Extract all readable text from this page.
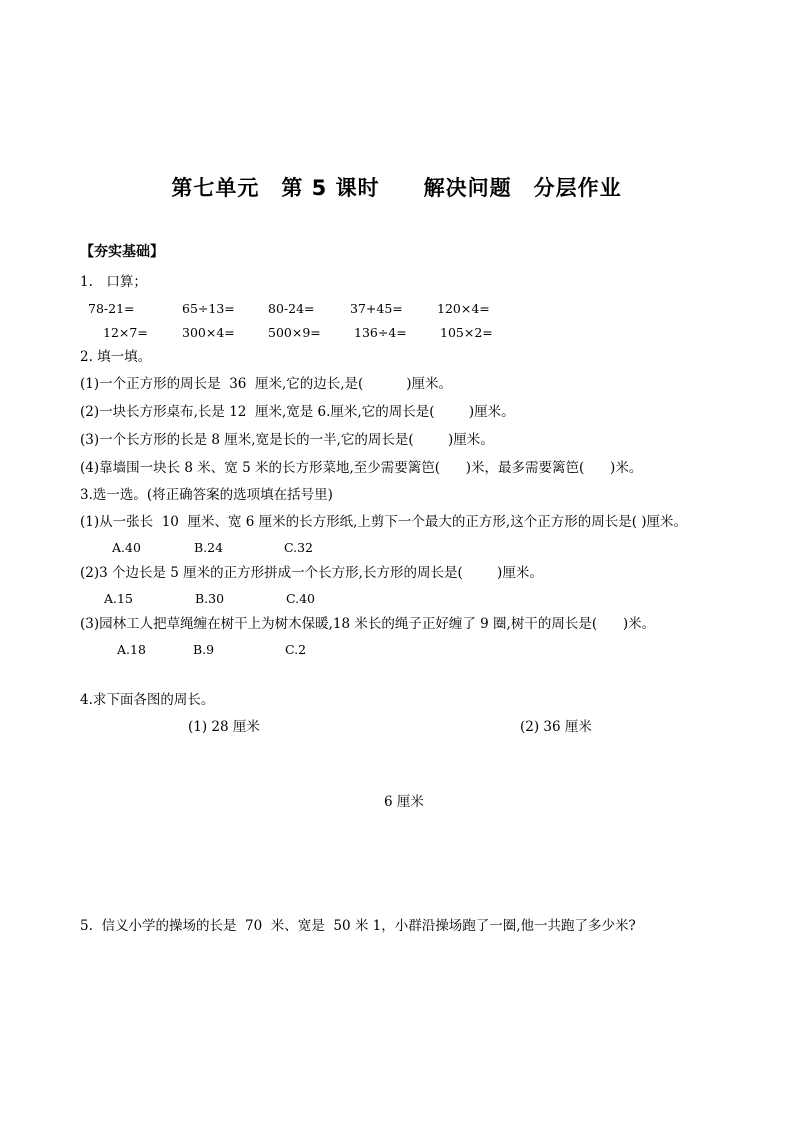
第七单元　第 5 课时　　解决问题　分层作业
【夯实基础】
1.　口算；
78-21=	65÷13=	80-24=	37+45=	120×4=
12×7=	300×4=	500×9=	136÷4=	105×2=
2. 填一填。
(1)一个正方形的周长是  36  厘米,它的边长,是(          )厘米。
(2)一块长方形桌布,长是 12  厘米,宽是 6.厘米,它的周长是(        )厘米。
(3)一个长方形的长是 8 厘米,宽是长的一半,它的周长是(        )厘米。
(4)靠墙围一块长 8 米、宽 5 米的长方形菜地,至少需要篱笆(      )米，最多需要篱笆(      )米。
3.选一选。(将正确答案的选项填在括号里)
(1)从一张长  10  厘米、宽 6 厘米的长方形纸,上剪下一个最大的正方形,这个正方形的周长是( )厘米。
A.40	B.24	C.32
(2)3 个边长是 5 厘米的正方形拼成一个长方形,长方形的周长是(        )厘米。
A.15	B.30	C.40
(3)园林工人把草绳缠在树干上为树木保暖,18 米长的绳子正好缠了 9 圈,树干的周长是(      )米。
A.18	B.9	C.2
4.求下面各图的周长。
(1) 28 厘米	(2) 36 厘米
6 厘米
5.  信义小学的操场的长是  70  米、宽是  50 米 1，小群沿操场跑了一圈,他一共跑了多少米?
